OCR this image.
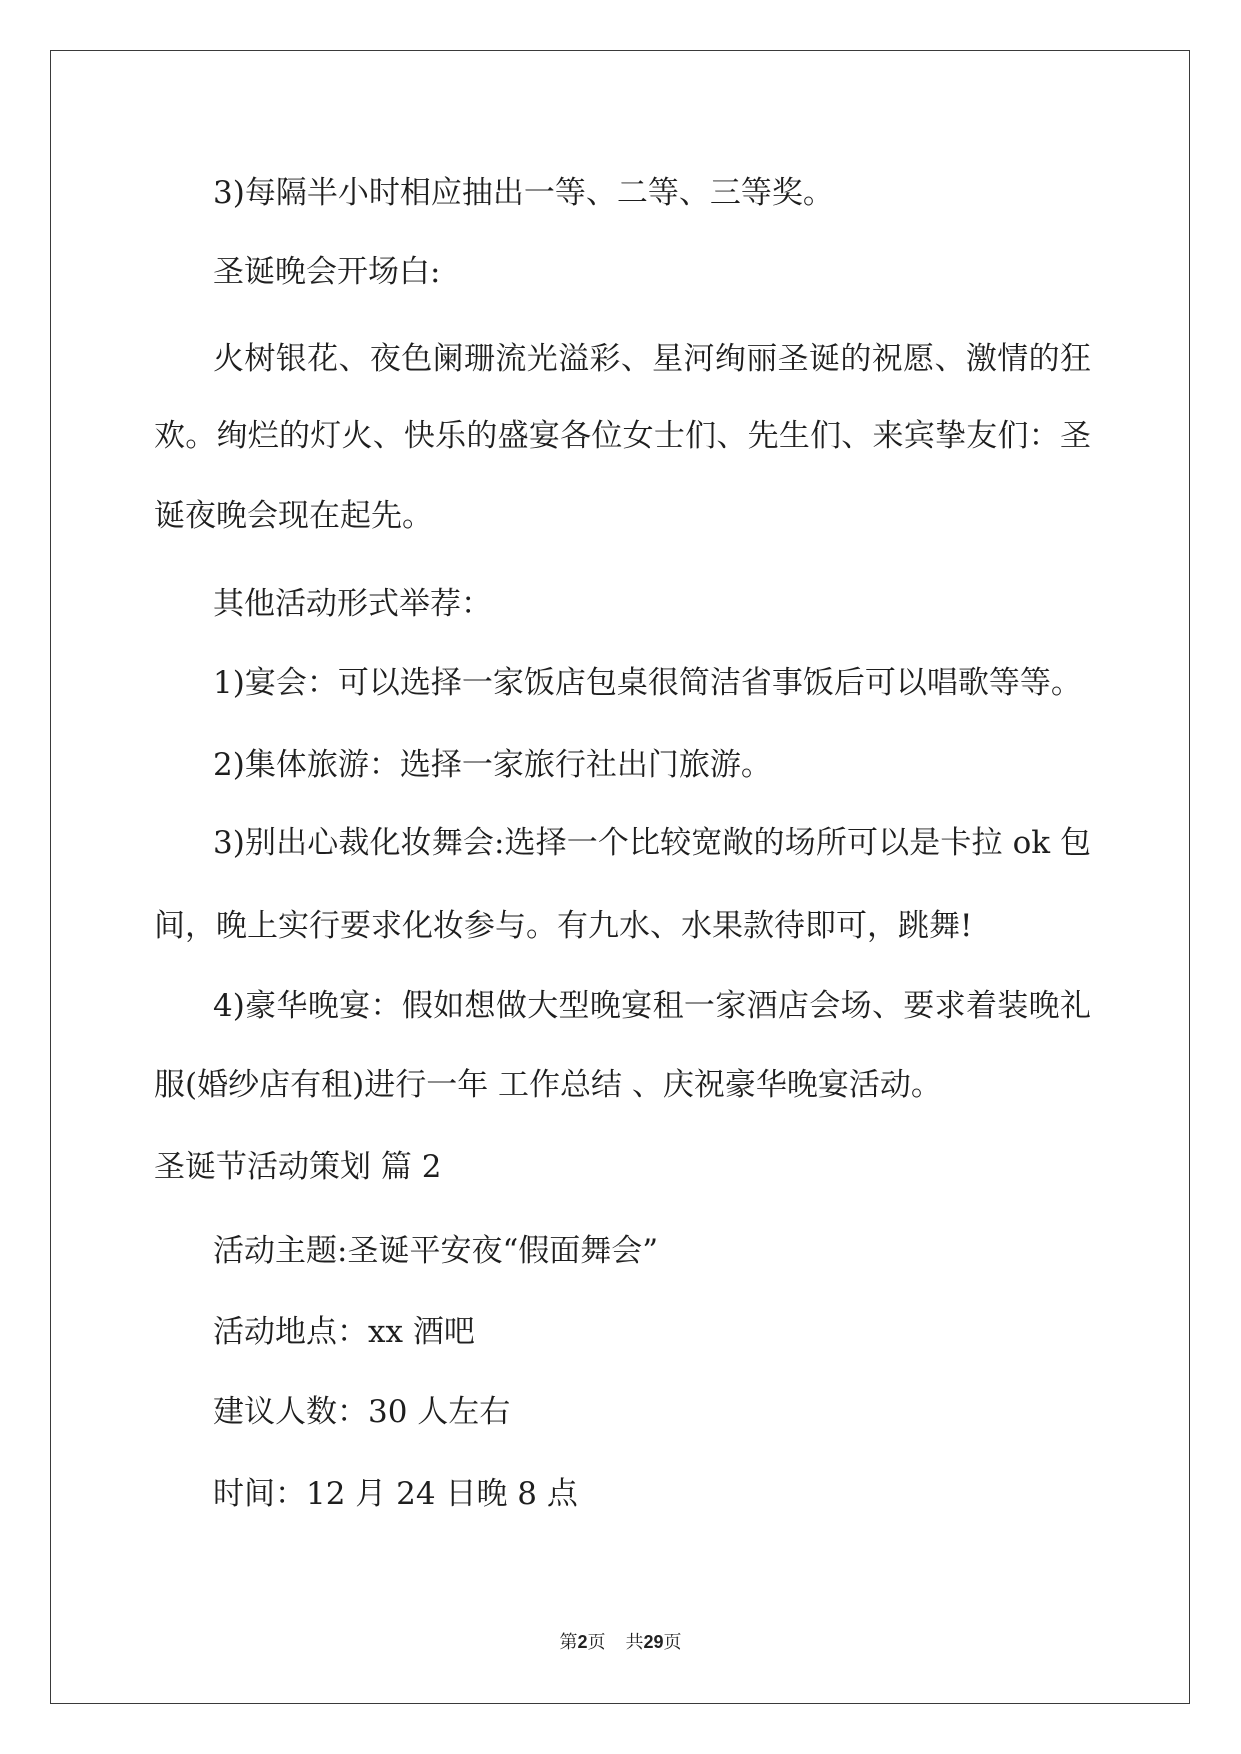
3)每隔半小时相应抽出一等、二等、三等奖。
圣诞晚会开场白:
火树银花、夜色阑珊流光溢彩、星河绚丽圣诞的祝愿、激情的狂
欢。绚烂的灯火、快乐的盛宴各位女士们、先生们、来宾挚友们：圣
诞夜晚会现在起先。
其他活动形式举荐：
1)宴会：可以选择一家饭店包桌很简洁省事饭后可以唱歌等等。
2)集体旅游：选择一家旅行社出门旅游。
3)别出心裁化妆舞会:选择一个比较宽敞的场所可以是卡拉 ok 包
间，晚上实行要求化妆参与。有九水、水果款待即可，跳舞!
4)豪华晚宴：假如想做大型晚宴租一家酒店会场、要求着装晚礼
服(婚纱店有租)进行一年 工作总结 、庆祝豪华晚宴活动。
圣诞节活动策划 篇 2
活动主题:圣诞平安夜“假面舞会”
活动地点：xx 酒吧
建议人数：30 人左右
时间：12 月 24 日晚 8 点
第2页 共29页
